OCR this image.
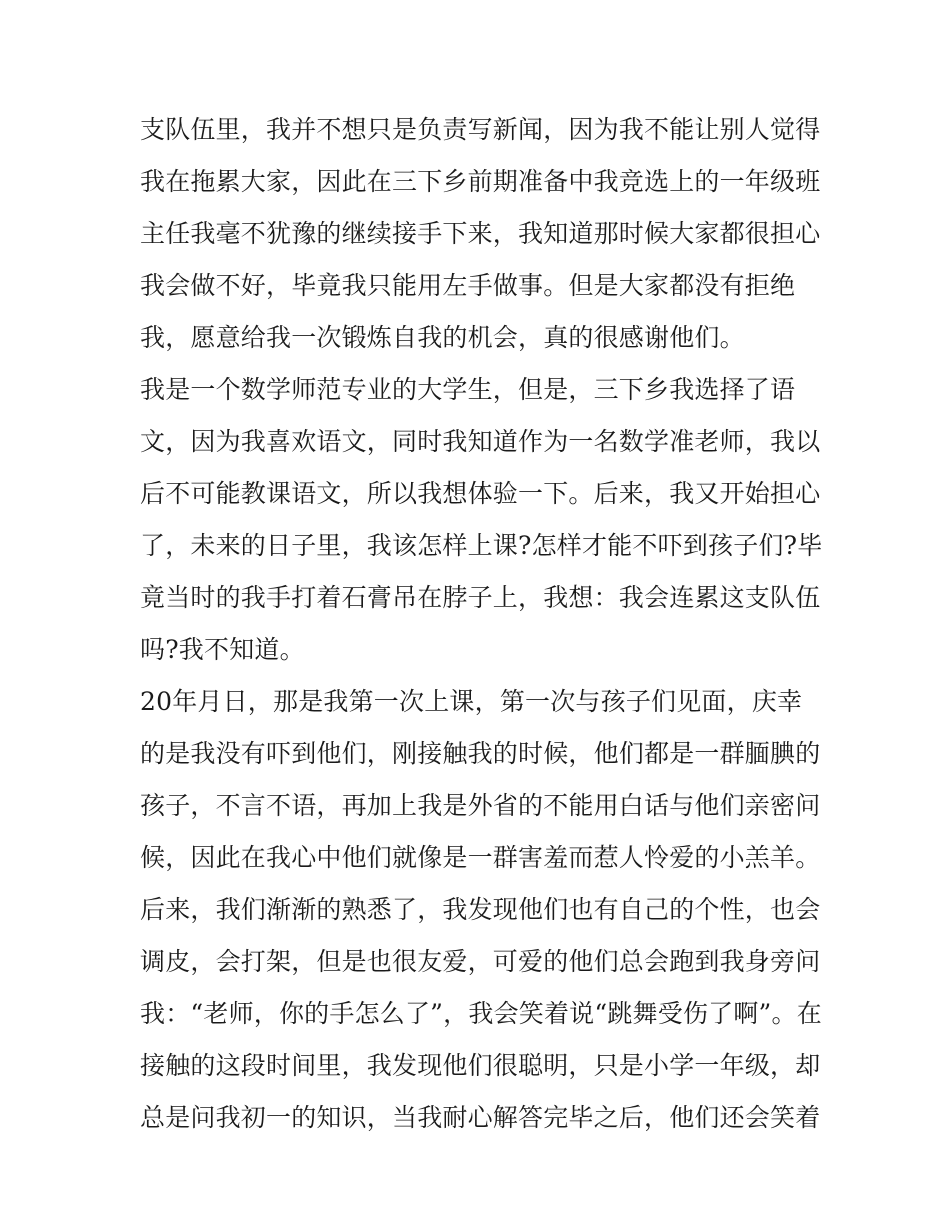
支队伍里，我并不想只是负责写新闻，因为我不能让别人觉得
我在拖累大家，因此在三下乡前期准备中我竞选上的一年级班
主任我毫不犹豫的继续接手下来，我知道那时候大家都很担心
我会做不好，毕竟我只能用左手做事。但是大家都没有拒绝
我，愿意给我一次锻炼自我的机会，真的很感谢他们。
我是一个数学师范专业的大学生，但是，三下乡我选择了语
文，因为我喜欢语文，同时我知道作为一名数学准老师，我以
后不可能教课语文，所以我想体验一下。后来，我又开始担心
了，未来的日子里，我该怎样上课?怎样才能不吓到孩子们?毕
竟当时的我手打着石膏吊在脖子上，我想：我会连累这支队伍
吗?我不知道。
20年月日，那是我第一次上课，第一次与孩子们见面，庆幸
的是我没有吓到他们，刚接触我的时候，他们都是一群腼腆的
孩子，不言不语，再加上我是外省的不能用白话与他们亲密问
候，因此在我心中他们就像是一群害羞而惹人怜爱的小羔羊。
后来，我们渐渐的熟悉了，我发现他们也有自己的个性，也会
调皮，会打架，但是也很友爱，可爱的他们总会跑到我身旁问
我：“老师，你的手怎么了”，我会笑着说“跳舞受伤了啊”。在
接触的这段时间里，我发现他们很聪明，只是小学一年级，却
总是问我初一的知识，当我耐心解答完毕之后，他们还会笑着
